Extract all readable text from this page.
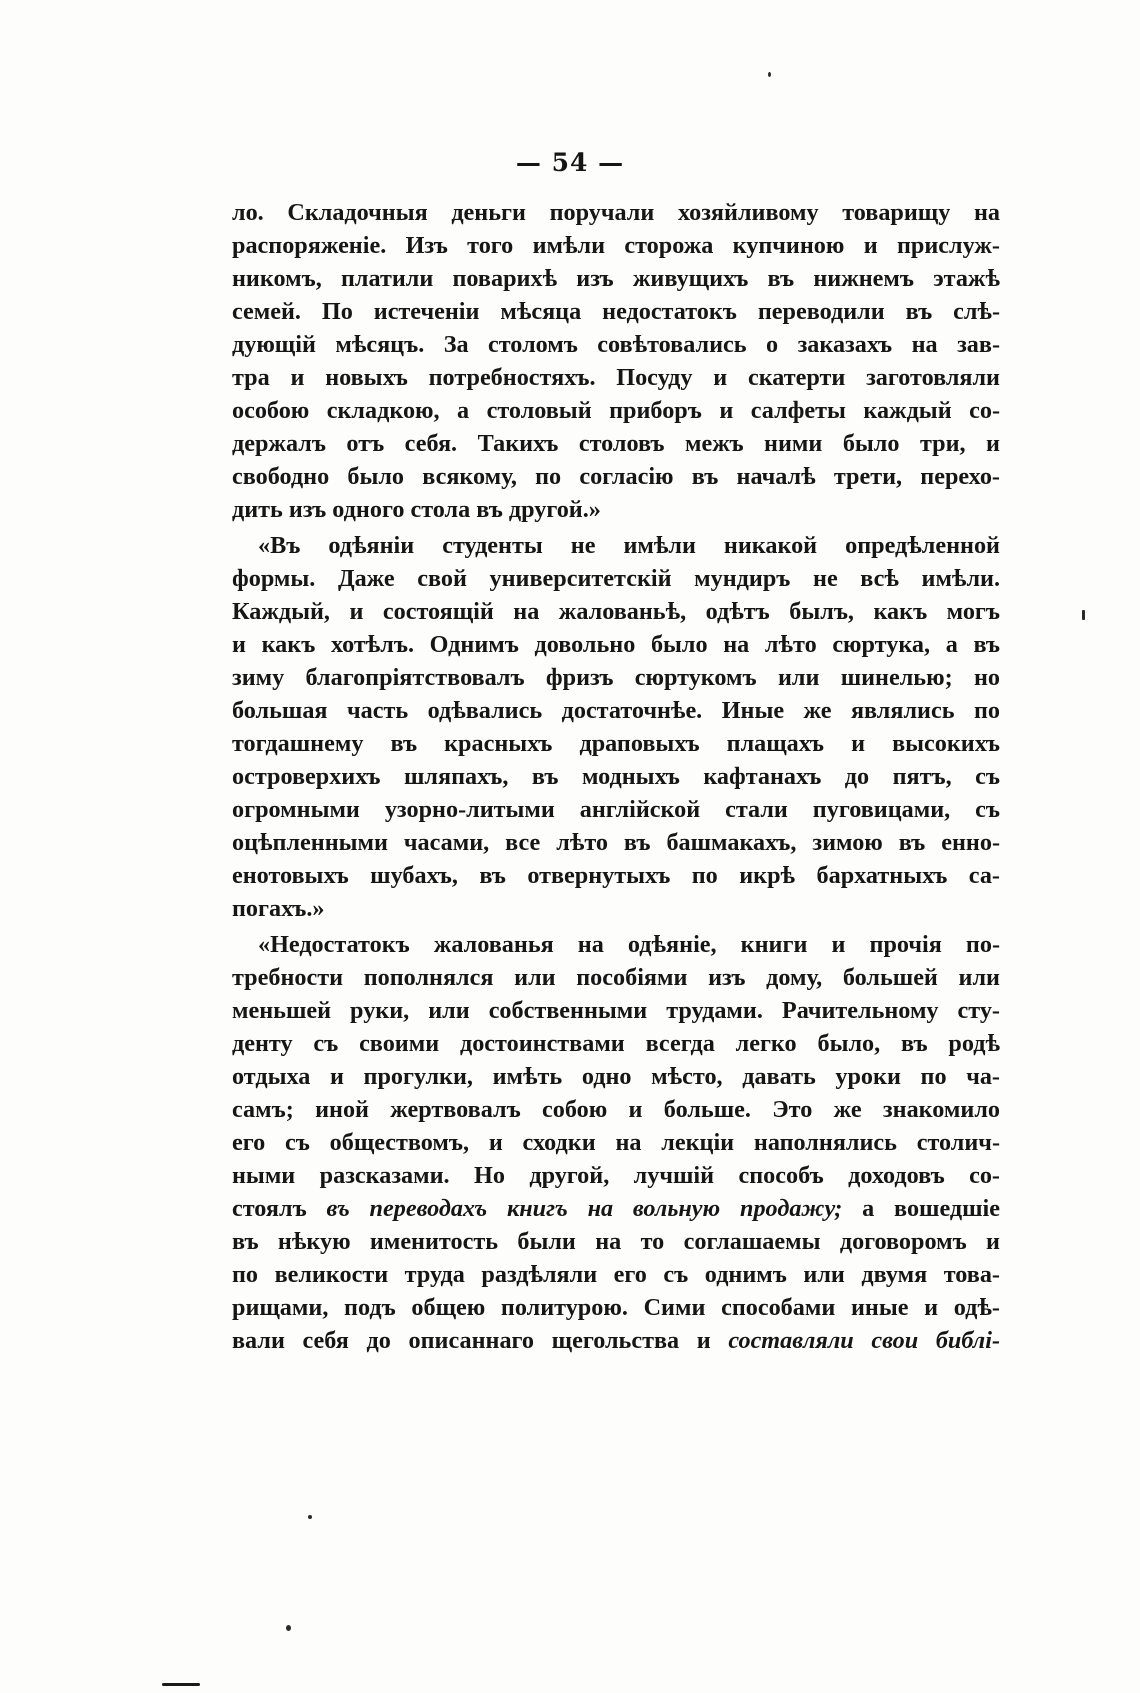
— 54 —
ло. Складочныя деньги поручали хозяйливому товарищу на
распоряженіе. Изъ того имѣли сторожа купчиною и прислуж-
никомъ, платили поварихѣ изъ живущихъ въ нижнемъ этажѣ
семей. По истеченіи мѣсяца недостатокъ переводили въ слѣ-
дующій мѣсяцъ. За столомъ совѣтовались о заказахъ на зав-
тра и новыхъ потребностяхъ. Посуду и скатерти заготовляли
особою складкою, а столовый приборъ и салфеты каждый со-
держалъ отъ себя. Такихъ столовъ межъ ними было три, и
свободно было всякому, по согласію въ началѣ трети, перехо-
дить изъ одного стола въ другой.»
«Въ одѣяніи студенты не имѣли никакой опредѣленной
формы. Даже свой университетскій мундиръ не всѣ имѣли.
Каждый, и состоящій на жалованьѣ, одѣтъ былъ, какъ могъ
и какъ хотѣлъ. Однимъ довольно было на лѣто сюртука, а въ
зиму благопріятствовалъ фризъ сюртукомъ или шинелью; но
большая часть одѣвались достаточнѣе. Иные же являлись по
тогдашнему въ красныхъ драповыхъ плащахъ и высокихъ
островерхихъ шляпахъ, въ модныхъ кафтанахъ до пятъ, съ
огромными узорно-литыми англійской стали пуговицами, съ
оцѣпленными часами, все лѣто въ башмакахъ, зимою въ енно-
енотовыхъ шубахъ, въ отвернутыхъ по икрѣ бархатныхъ са-
погахъ.»
«Недостатокъ жалованья на одѣяніе, книги и прочія по-
требности пополнялся или пособіями изъ дому, большей или
меньшей руки, или собственными трудами. Рачительному сту-
денту съ своими достоинствами всегда легко было, въ родѣ
отдыха и прогулки, имѣть одно мѣсто, давать уроки по ча-
самъ; иной жертвовалъ собою и больше. Это же знакомило
его съ обществомъ, и сходки на лекціи наполнялись столич-
ными разсказами. Но другой, лучшій способъ доходовъ со-
стоялъ въ переводахъ книгъ на вольную продажу; а вошедшіе
въ нѣкую именитость были на то соглашаемы договоромъ и
по великости труда раздѣляли его съ однимъ или двумя това-
рищами, подъ общею политурою. Сими способами иные и одѣ-
вали себя до описаннаго щегольства и составляли свои библі-
